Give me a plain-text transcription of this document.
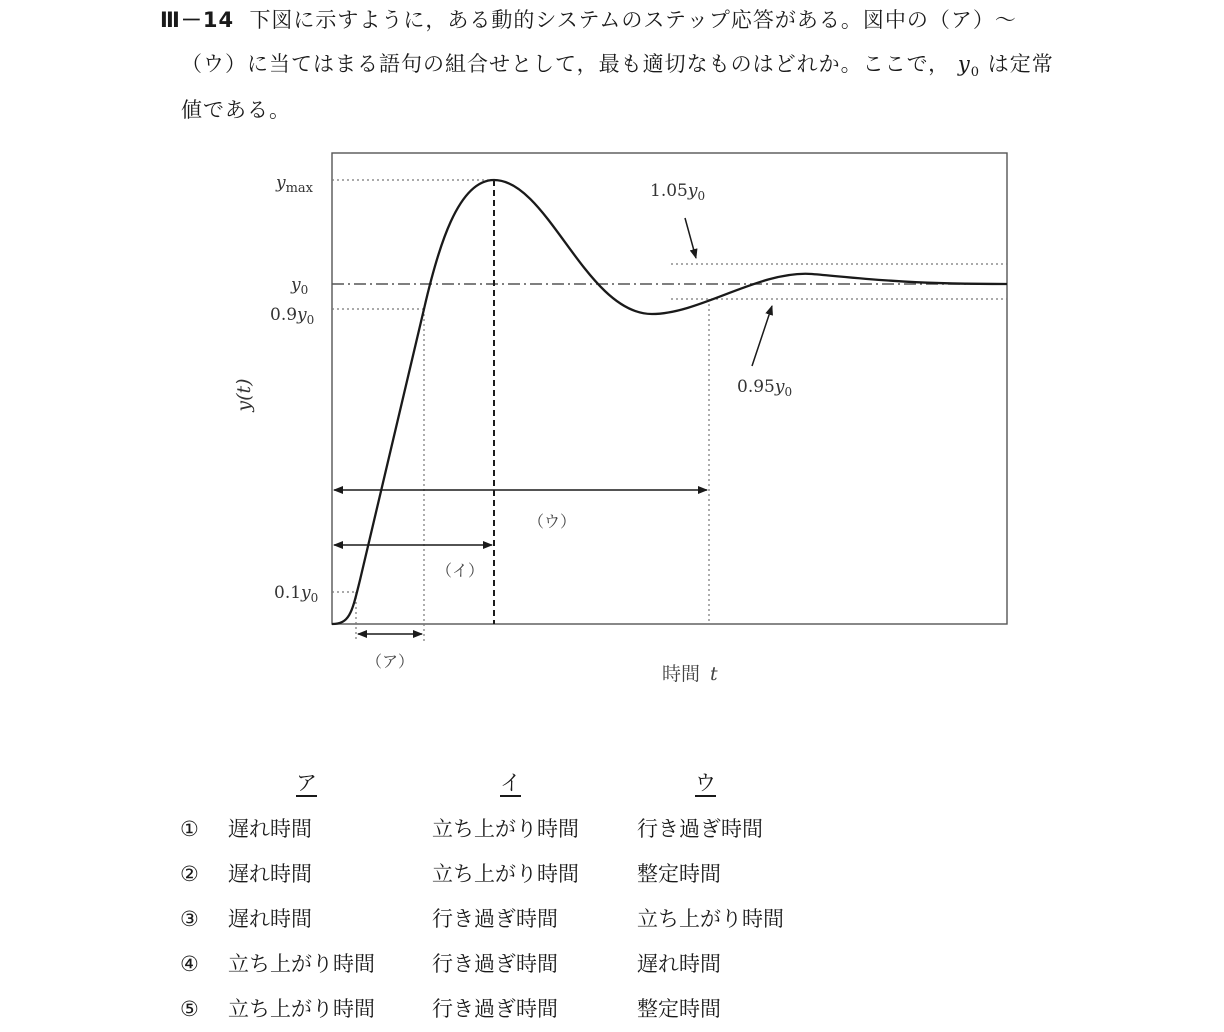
Ⅲ－14 下図に示すように，ある動的システムのステップ応答がある。図中の（ア）～
（ウ）に当てはまる語句の組合せとして，最も適切なものはどれか。ここで， $y_0$ は定常
値である。
$y_{max}$
$y_0$
$0.9y_0$
$0.1y_0$
$1.05y_0$
$0.95y_0$
y(t)
時間 t
（ウ）
（イ）
（ア）
ア	イ	ウ
① 遅れ時間	立ち上がり時間	行き過ぎ時間
② 遅れ時間	立ち上がり時間	整定時間
③ 遅れ時間	行き過ぎ時間	立ち上がり時間
④ 立ち上がり時間	行き過ぎ時間	遅れ時間
⑤ 立ち上がり時間	行き過ぎ時間	整定時間
